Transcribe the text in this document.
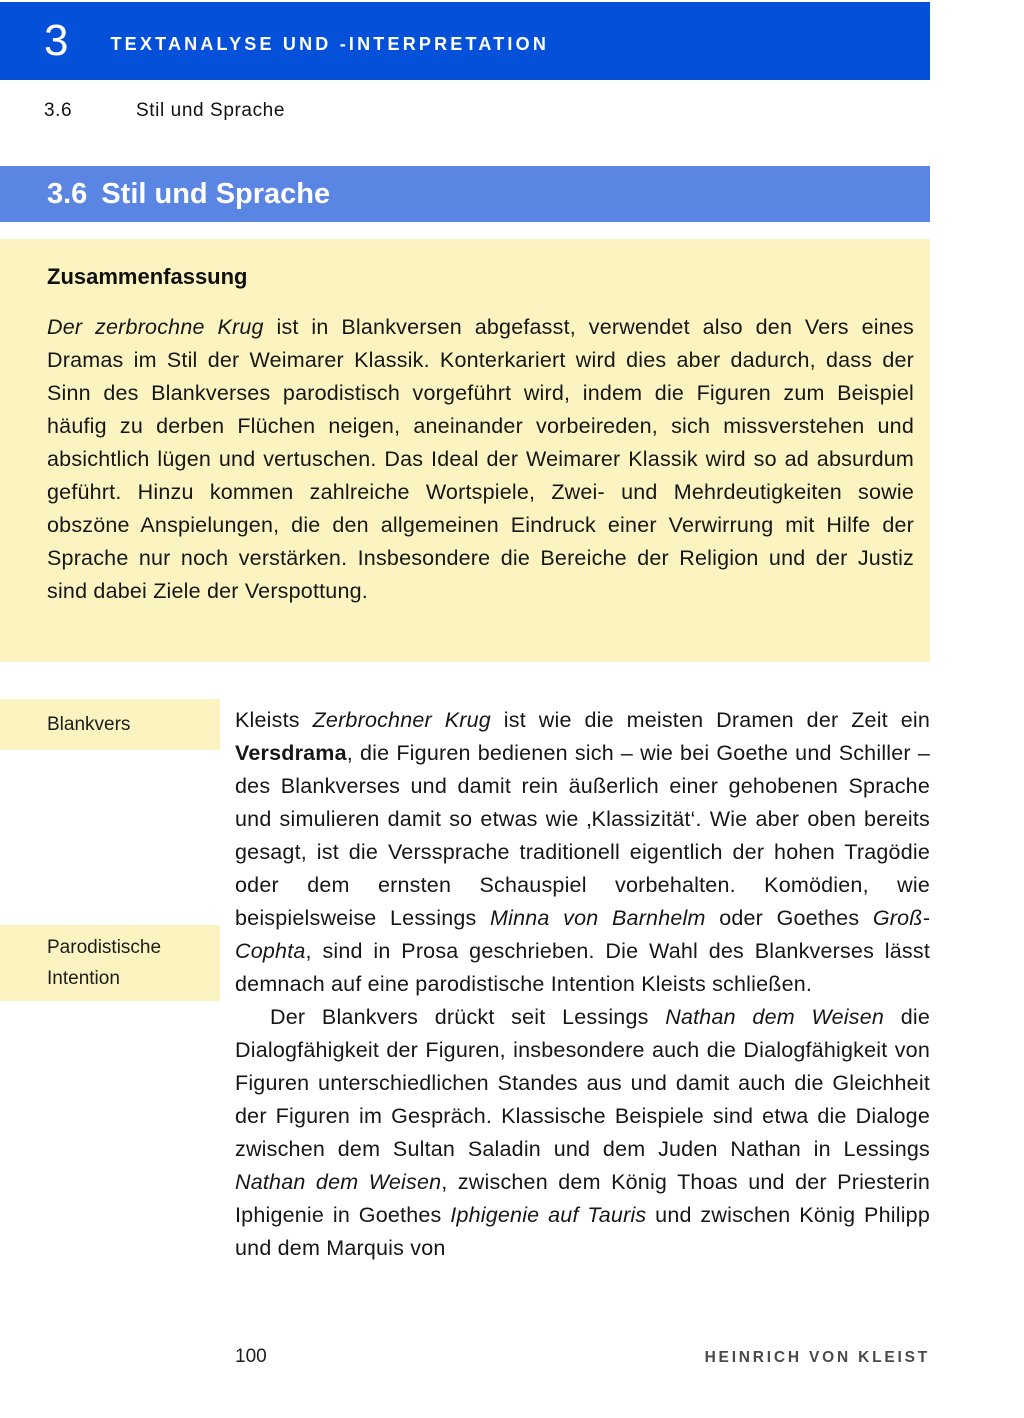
3 TEXTANALYSE UND -INTERPRETATION
3.6	Stil und Sprache
3.6 Stil und Sprache
Zusammenfassung

Der zerbrochne Krug ist in Blankversen abgefasst, verwendet also den Vers eines Dramas im Stil der Weimarer Klassik. Konterkariert wird dies aber dadurch, dass der Sinn des Blankverses parodistisch vorgeführt wird, indem die Figuren zum Beispiel häufig zu derben Flüchen neigen, aneinander vorbeireden, sich missverstehen und absichtlich lügen und vertuschen. Das Ideal der Weimarer Klassik wird so ad absurdum geführt. Hinzu kommen zahlreiche Wortspiele, Zwei- und Mehrdeutigkeiten sowie obszöne Anspielungen, die den allgemeinen Eindruck einer Verwirrung mit Hilfe der Sprache nur noch verstärken. Insbesondere die Bereiche der Religion und der Justiz sind dabei Ziele der Verspottung.

Blankvers
Parodistische Intention

Kleists Zerbrochner Krug ist wie die meisten Dramen der Zeit ein Versdrama, die Figuren bedienen sich – wie bei Goethe und Schiller – des Blankverses und damit rein äußerlich einer gehobenen Sprache und simulieren damit so etwas wie ‚Klassizität‘. Wie aber oben bereits gesagt, ist die Verssprache traditionell eigentlich der hohen Tragödie oder dem ernsten Schauspiel vorbehalten. Komödien, wie beispielsweise Lessings Minna von Barnhelm oder Goethes Groß-Cophta, sind in Prosa geschrieben. Die Wahl des Blankverses lässt demnach auf eine parodistische Intention Kleists schließen.

Der Blankvers drückt seit Lessings Nathan dem Weisen die Dialogfähigkeit der Figuren, insbesondere auch die Dialogfähigkeit von Figuren unterschiedlichen Standes aus und damit auch die Gleichheit der Figuren im Gespräch. Klassische Beispiele sind etwa die Dialoge zwischen dem Sultan Saladin und dem Juden Nathan in Lessings Nathan dem Weisen, zwischen dem König Thoas und der Priesterin Iphigenie in Goethes Iphigenie auf Tauris und zwischen König Philipp und dem Marquis von

100	HEINRICH VON KLEIST
